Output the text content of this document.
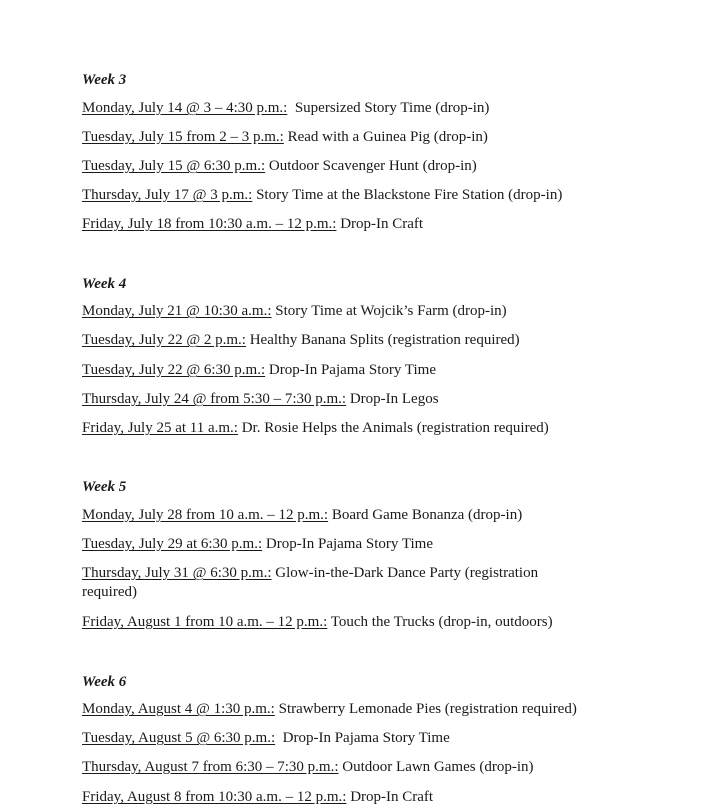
Week 3

Monday, July 14 @ 3 – 4:30 p.m.:  Supersized Story Time (drop-in)

Tuesday, July 15 from 2 – 3 p.m.: Read with a Guinea Pig (drop-in)

Tuesday, July 15 @ 6:30 p.m.: Outdoor Scavenger Hunt (drop-in)

Thursday, July 17 @ 3 p.m.: Story Time at the Blackstone Fire Station (drop-in)

Friday, July 18 from 10:30 a.m. – 12 p.m.: Drop-In Craft

Week 4

Monday, July 21 @ 10:30 a.m.: Story Time at Wojcik’s Farm (drop-in)

Tuesday, July 22 @ 2 p.m.: Healthy Banana Splits (registration required)

Tuesday, July 22 @ 6:30 p.m.: Drop-In Pajama Story Time

Thursday, July 24 @ from 5:30 – 7:30 p.m.: Drop-In Legos

Friday, July 25 at 11 a.m.: Dr. Rosie Helps the Animals (registration required)

Week 5

Monday, July 28 from 10 a.m. – 12 p.m.: Board Game Bonanza (drop-in)

Tuesday, July 29 at 6:30 p.m.: Drop-In Pajama Story Time

Thursday, July 31 @ 6:30 p.m.: Glow-in-the-Dark Dance Party (registration required)

Friday, August 1 from 10 a.m. – 12 p.m.: Touch the Trucks (drop-in, outdoors)

Week 6

Monday, August 4 @ 1:30 p.m.: Strawberry Lemonade Pies (registration required)

Tuesday, August 5 @ 6:30 p.m.:  Drop-In Pajama Story Time

Thursday, August 7 from 6:30 – 7:30 p.m.: Outdoor Lawn Games (drop-in)

Friday, August 8 from 10:30 a.m. – 12 p.m.: Drop-In Craft
